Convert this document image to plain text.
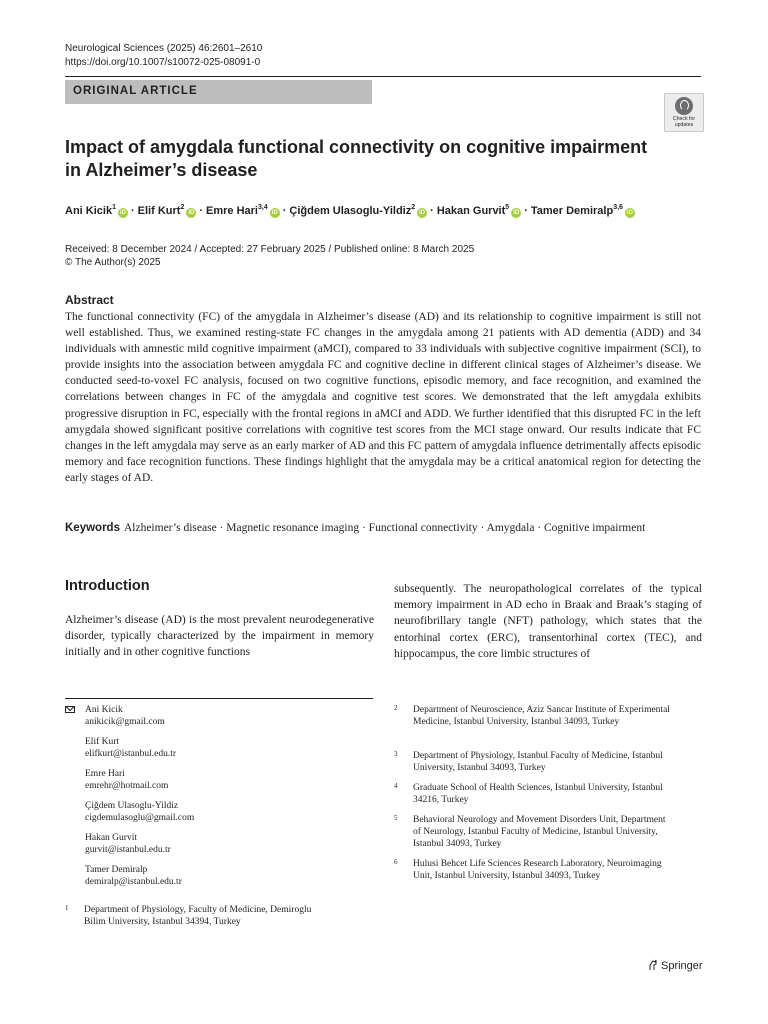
Neurological Sciences (2025) 46:2601–2610
https://doi.org/10.1007/s10072-025-08091-0
ORIGINAL ARTICLE
Check for
updates
Impact of amygdala functional connectivity on cognitive impairment in Alzheimer’s disease
Ani Kicik$^1$iD · Elif Kurt$^2$iD · Emre Hari$^{3,4}$iD · Çiğdem Ulasoglu-Yildiz$^2$iD · Hakan Gurvit$^5$iD · Tamer Demiralp$^{3,6}$iD
Received: 8 December 2024 / Accepted: 27 February 2025 / Published online: 8 March 2025
© The Author(s) 2025
Abstract
The functional connectivity (FC) of the amygdala in Alzheimer’s disease (AD) and its relationship to cognitive impairment is still not well established. Thus, we examined resting-state FC changes in the amygdala among 21 patients with AD dementia (ADD) and 34 individuals with amnestic mild cognitive impairment (aMCI), compared to 33 individuals with subjective cognitive impairment (SCI), to provide insights into the association between amygdala FC and cognitive decline in different clinical stages of Alzheimer’s disease. We conducted seed-to-voxel FC analysis, focused on two cognitive functions, episodic memory, and face recognition, and examined the correlations between changes in FC of the amygdala and cognitive test scores. We demonstrated that the left amygdala exhibits progressive disruption in FC, especially with the frontal regions in aMCI and ADD. We further identified that this disrupted FC in the left amygdala showed significant positive correlations with cognitive test scores from the MCI stage onward. Our results indicate that FC changes in the left amygdala may serve as an early marker of AD and this FC pattern of amygdala influence detrimentally affects episodic memory and face recognition functions. These findings highlight that the amygdala may be a critical anatomical region for detecting the early stages of AD.
Keywords Alzheimer’s disease · Magnetic resonance imaging · Functional connectivity · Amygdala · Cognitive impairment
Introduction
Alzheimer’s disease (AD) is the most prevalent neurodegenerative disorder, typically characterized by the impairment in memory initially and in other cognitive functions
subsequently. The neuropathological correlates of the typical memory impairment in AD echo in Braak and Braak’s staging of neurofibrillary tangle (NFT) pathology, which states that the entorhinal cortex (ERC), transentorhinal cortex (TEC), and hippocampus, the core limbic structures of
Ani Kicik
anikicik@gmail.com
Elif Kurt
elifkurt@istanbul.edu.tr
Emre Hari
emrehr@hotmail.com
Çiğdem Ulasoglu-Yildiz
cigdemulasoglu@gmail.com
Hakan Gurvit
gurvit@istanbul.edu.tr
Tamer Demiralp
demiralp@istanbul.edu.tr
1 Department of Physiology, Faculty of Medicine, Demiroglu Bilim University, Istanbul 34394, Turkey
2 Department of Neuroscience, Aziz Sancar Institute of Experimental Medicine, Istanbul University, Istanbul 34093, Turkey
3 Department of Physiology, Istanbul Faculty of Medicine, Istanbul University, Istanbul 34093, Turkey
4 Graduate School of Health Sciences, Istanbul University, Istanbul 34216, Turkey
5 Behavioral Neurology and Movement Disorders Unit, Department of Neurology, Istanbul Faculty of Medicine, Istanbul University, Istanbul 34093, Turkey
6 Hulusi Behcet Life Sciences Research Laboratory, Neuroimaging Unit, Istanbul University, Istanbul 34093, Turkey
Springer
